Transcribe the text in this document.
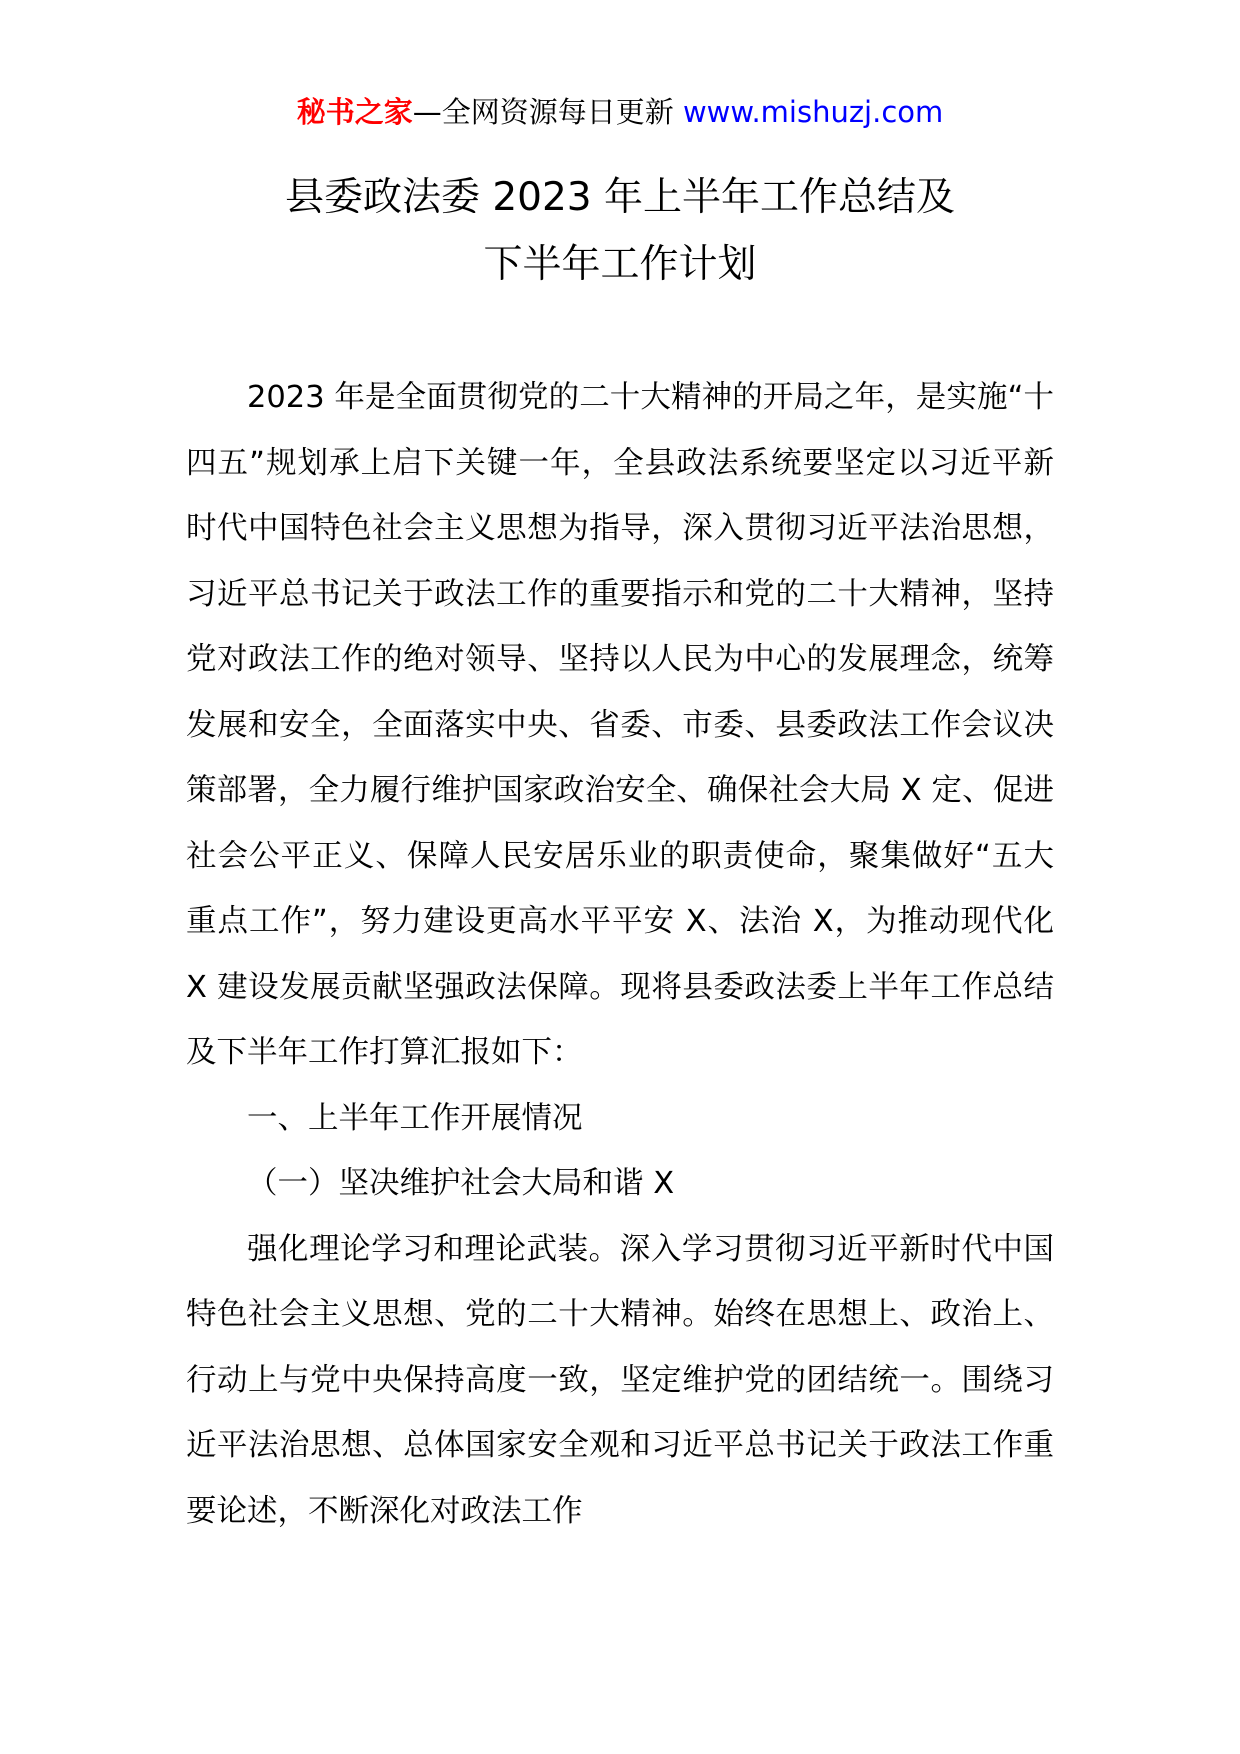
秘书之家—全网资源每日更新 www.mishuzj.com
县委政法委 2023 年上半年工作总结及
下半年工作计划

2023 年是全面贯彻党的二十大精神的开局之年，是实施“十四五”规划承上启下关键一年，全县政法系统要坚定以习近平新时代中国特色社会主义思想为指导，深入贯彻习近平法治思想，习近平总书记关于政法工作的重要指示和党的二十大精神，坚持党对政法工作的绝对领导、坚持以人民为中心的发展理念，统筹发展和安全，全面落实中央、省委、市委、县委政法工作会议决策部署，全力履行维护国家政治安全、确保社会大局 X 定、促进社会公平正义、保障人民安居乐业的职责使命，聚集做好“五大重点工作”，努力建设更高水平平安 X、法治 X，为推动现代化 X 建设发展贡献坚强政法保障。现将县委政法委上半年工作总结及下半年工作打算汇报如下：

一、上半年工作开展情况

（一）坚决维护社会大局和谐 X

强化理论学习和理论武装。深入学习贯彻习近平新时代中国特色社会主义思想、党的二十大精神。始终在思想上、政治上、行动上与党中央保持高度一致，坚定维护党的团结统一。围绕习近平法治思想、总体国家安全观和习近平总书记关于政法工作重要论述，不断深化对政法工作
